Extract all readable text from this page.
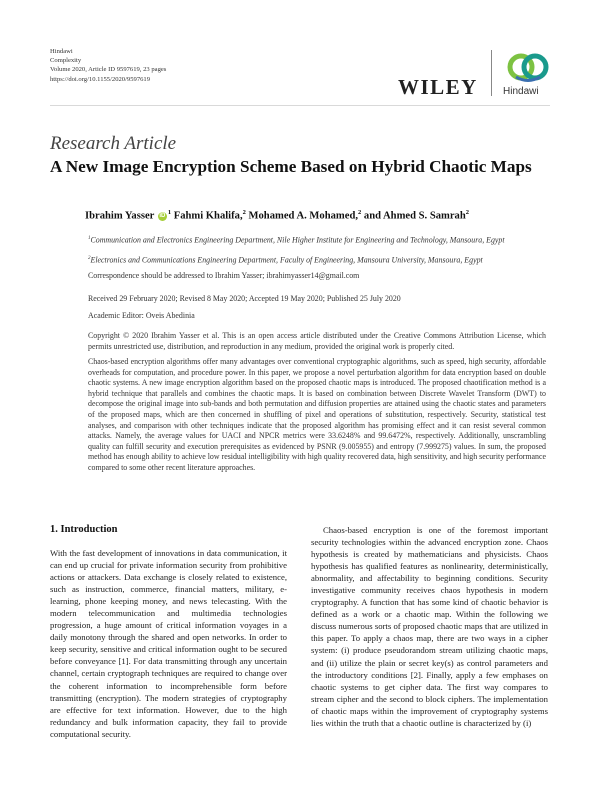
Hindawi
Complexity
Volume 2020, Article ID 9597619, 23 pages
https://doi.org/10.1155/2020/9597619	WILEY	Hindawi
Research Article
A New Image Encryption Scheme Based on Hybrid Chaotic Maps
Ibrahim Yasser iD $^1$ Fahmi Khalifa,$^2$ Mohamed A. Mohamed,$^2$ and Ahmed S. Samrah$^2$
$^1$Communication and Electronics Engineering Department, Nile Higher Institute for Engineering and Technology, Mansoura, Egypt
$^2$Electronics and Communications Engineering Department, Faculty of Engineering, Mansoura University, Mansoura, Egypt
Correspondence should be addressed to Ibrahim Yasser; ibrahimyasser14@gmail.com
Received 29 February 2020; Revised 8 May 2020; Accepted 19 May 2020; Published 25 July 2020
Academic Editor: Oveis Abedinia
Copyright © 2020 Ibrahim Yasser et al. This is an open access article distributed under the Creative Commons Attribution License, which permits unrestricted use, distribution, and reproduction in any medium, provided the original work is properly cited.
Chaos-based encryption algorithms offer many advantages over conventional cryptographic algorithms, such as speed, high security, affordable overheads for computation, and procedure power. In this paper, we propose a novel perturbation algorithm for data encryption based on double chaotic systems. A new image encryption algorithm based on the proposed chaotic maps is introduced. The proposed chaotification method is a hybrid technique that parallels and combines the chaotic maps. It is based on combination between Discrete Wavelet Transform (DWT) to decompose the original image into sub-bands and both permutation and diffusion properties are attained using the chaotic states and parameters of the proposed maps, which are then concerned in shuffling of pixel and operations of substitution, respectively. Security, statistical test analyses, and comparison with other techniques indicate that the proposed algorithm has promising effect and it can resist several common attacks. Namely, the average values for UACI and NPCR metrics were 33.6248% and 99.6472%, respectively. Additionally, unscrambling quality can fulfill security and execution prerequisites as evidenced by PSNR (9.005955) and entropy (7.999275) values. In sum, the proposed method has enough ability to achieve low residual intelligibility with high quality recovered data, high sensitivity, and high security performance compared to some other recent literature approaches.
1. Introduction

With the fast development of innovations in data communication, it can end up crucial for private information security from prohibitive actions or attackers. Data exchange is closely related to existence, such as instruction, commerce, financial matters, military, e-learning, phone keeping money, and news telecasting. With the modern telecommunication and multimedia technologies progression, a huge amount of critical information voyages in a daily monotony through the shared and open networks. In order to keep security, sensitive and critical information ought to be secured before conveyance [1]. For data transmitting through any uncertain channel, certain cryptograph techniques are required to change over the coherent information to incomprehensible form before transmitting (encryption). The modern strategies of cryptography are effective for text information. However, due to the high redundancy and bulk information capacity, they fail to provide computational security.

Chaos-based encryption is one of the foremost important security technologies within the advanced encryption zone. Chaos hypothesis is created by mathematicians and physicists. Chaos hypothesis has qualified features as nonlinearity, deterministically, abnormality, and affectability to beginning conditions. Security investigative community receives chaos hypothesis in modern cryptography. A function that has some kind of chaotic behavior is defined as a work or a chaotic map. Within the following we discuss numerous sorts of proposed chaotic maps that are utilized in this paper. To apply a chaos map, there are two ways in a cipher system: (i) produce pseudorandom stream utilizing chaotic maps, and (ii) utilize the plain or secret key(s) as control parameters and the introductory conditions [2]. Finally, apply a few emphases on chaotic systems to get cipher data. The first way compares to stream cipher and the second to block ciphers. The implementation of chaotic maps within the improvement of cryptography systems lies within the truth that a chaotic outline is characterized by (i)
